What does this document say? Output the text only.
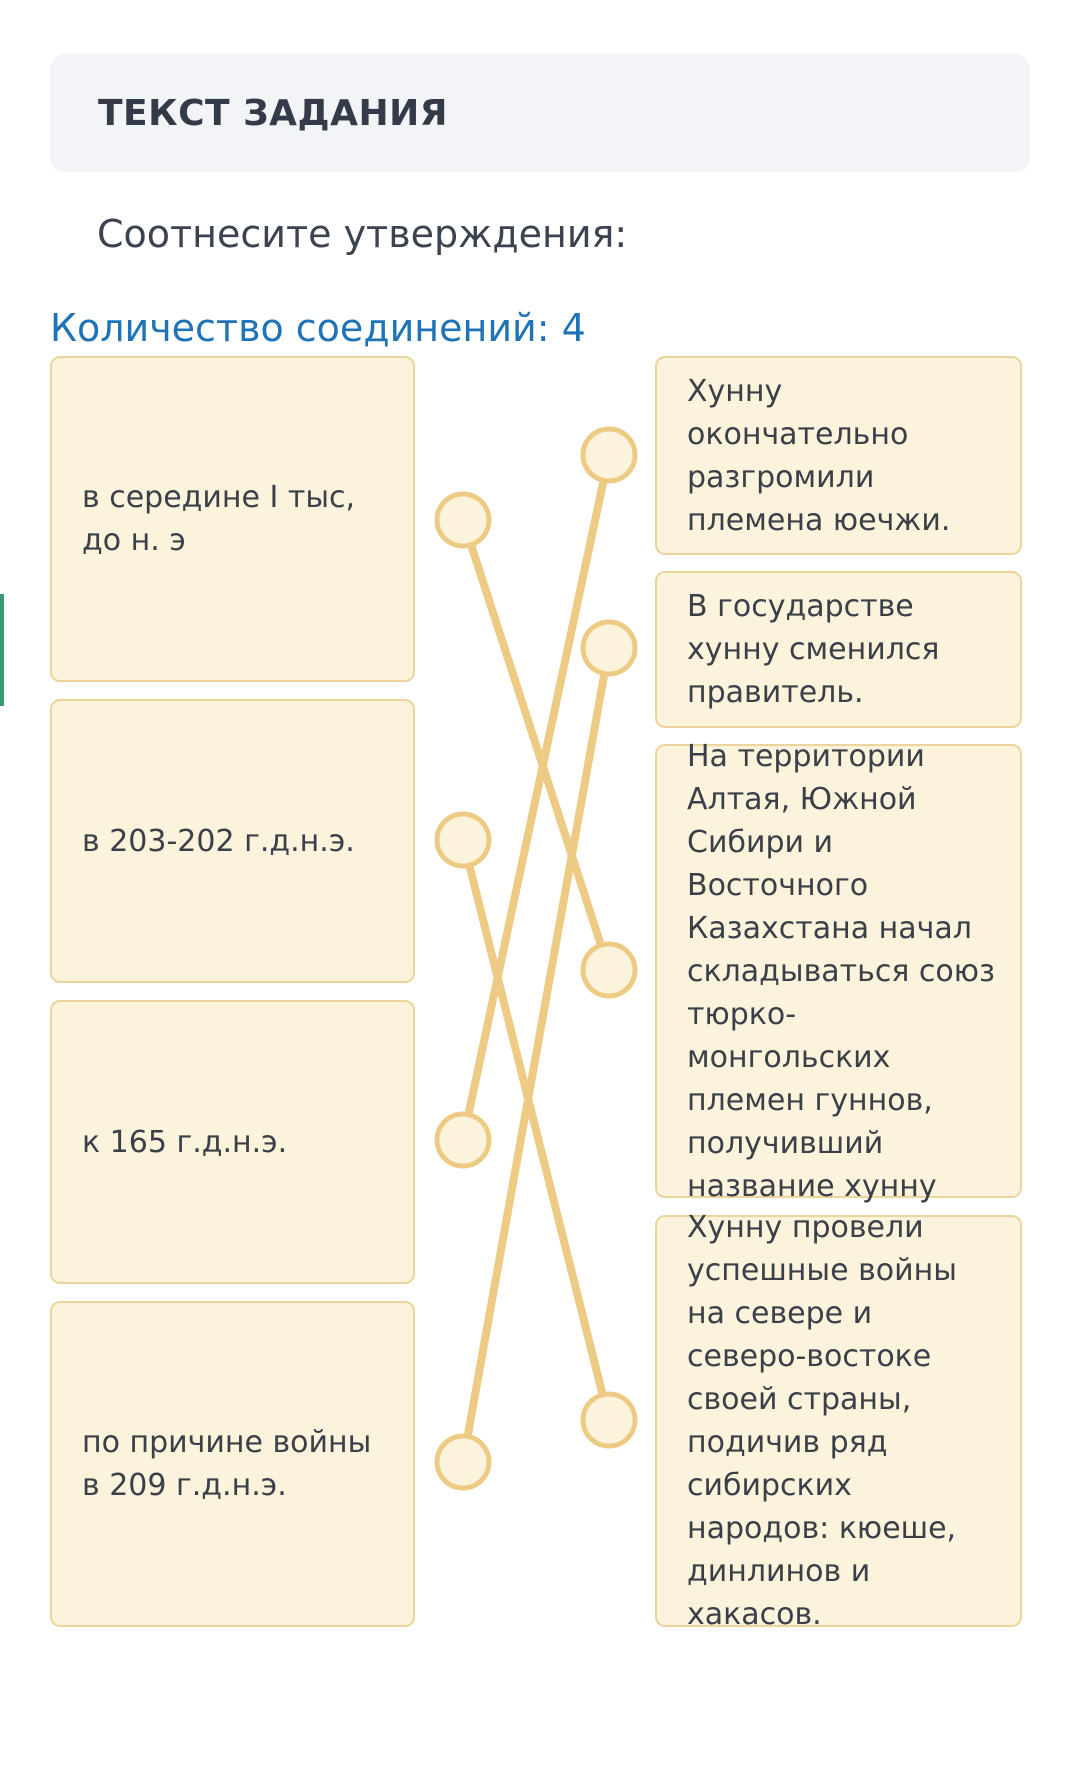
ТЕКСТ ЗАДАНИЯ
Соотнесите утверждения:
Количество соединений: 4
в середине I тыс, до н. э
в 203-202 г.д.н.э.
к 165 г.д.н.э.
по причине войны в 209 г.д.н.э.
Хунну окончательно разгромили племена юечжи.
В государстве хунну сменился правитель.
На территории Алтая, Южной Сибири и Восточного Казахстана начал складываться союз тюрко-монгольских племен гуннов, получивший название хунну
Хунну провели успешные войны на севере и северо-востоке своей страны, подичив ряд сибирских народов: кюеше, динлинов и хакасов.
